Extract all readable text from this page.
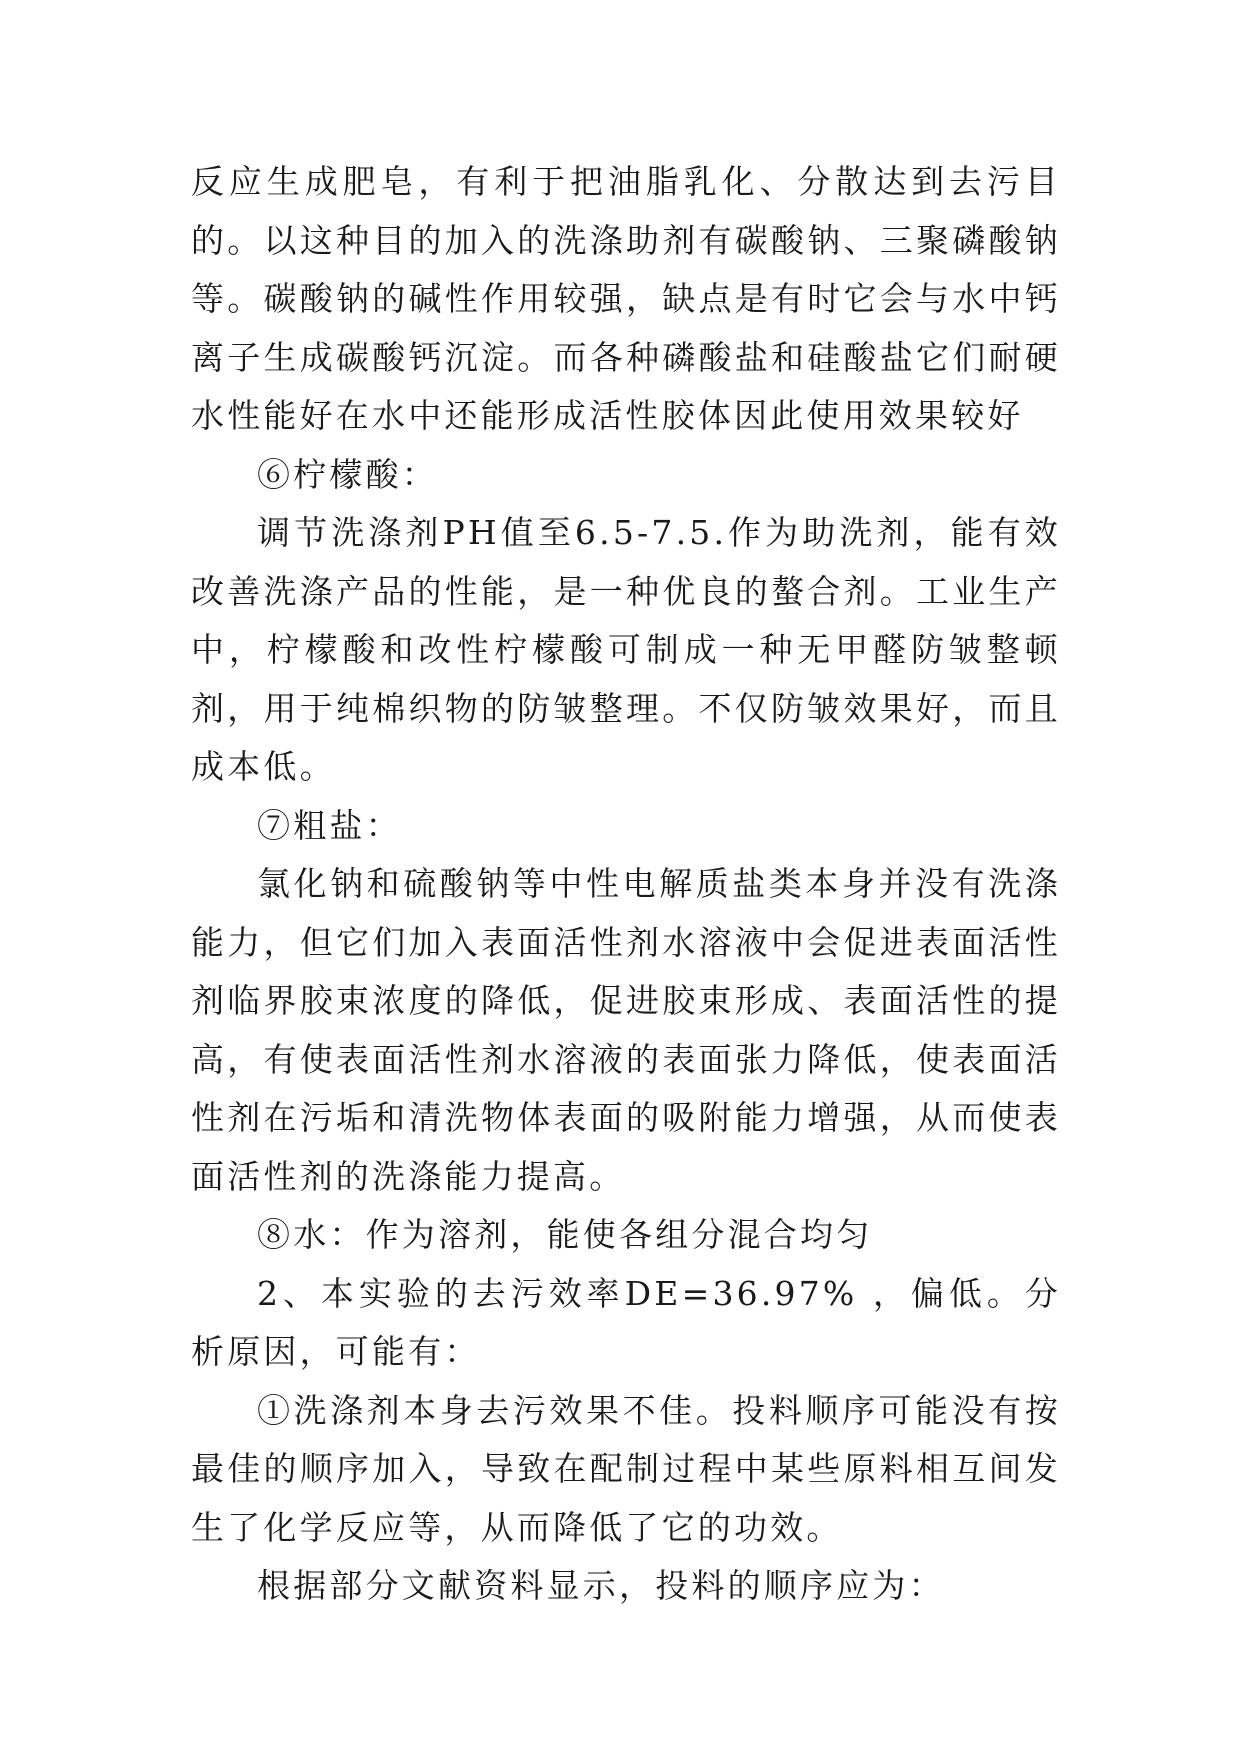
反应生成肥皂，有利于把油脂乳化、分散达到去污目的。以这种目的加入的洗涤助剂有碳酸钠、三聚磷酸钠等。碳酸钠的碱性作用较强，缺点是有时它会与水中钙离子生成碳酸钙沉淀。而各种磷酸盐和硅酸盐它们耐硬水性能好在水中还能形成活性胶体因此使用效果较好

⑥柠檬酸：

调节洗涤剂PH值至6.5-7.5.作为助洗剂，能有效改善洗涤产品的性能，是一种优良的螯合剂。工业生产中，柠檬酸和改性柠檬酸可制成一种无甲醛防皱整顿剂，用于纯棉织物的防皱整理。不仅防皱效果好，而且成本低。

⑦粗盐：

氯化钠和硫酸钠等中性电解质盐类本身并没有洗涤能力，但它们加入表面活性剂水溶液中会促进表面活性剂临界胶束浓度的降低，促进胶束形成、表面活性的提高，有使表面活性剂水溶液的表面张力降低，使表面活性剂在污垢和清洗物体表面的吸附能力增强，从而使表面活性剂的洗涤能力提高。

⑧水：作为溶剂，能使各组分混合均匀

2、本实验的去污效率DE=36.97% ，偏低。分析原因，可能有：

①洗涤剂本身去污效果不佳。投料顺序可能没有按最佳的顺序加入，导致在配制过程中某些原料相互间发生了化学反应等，从而降低了它的功效。

根据部分文献资料显示，投料的顺序应为：
